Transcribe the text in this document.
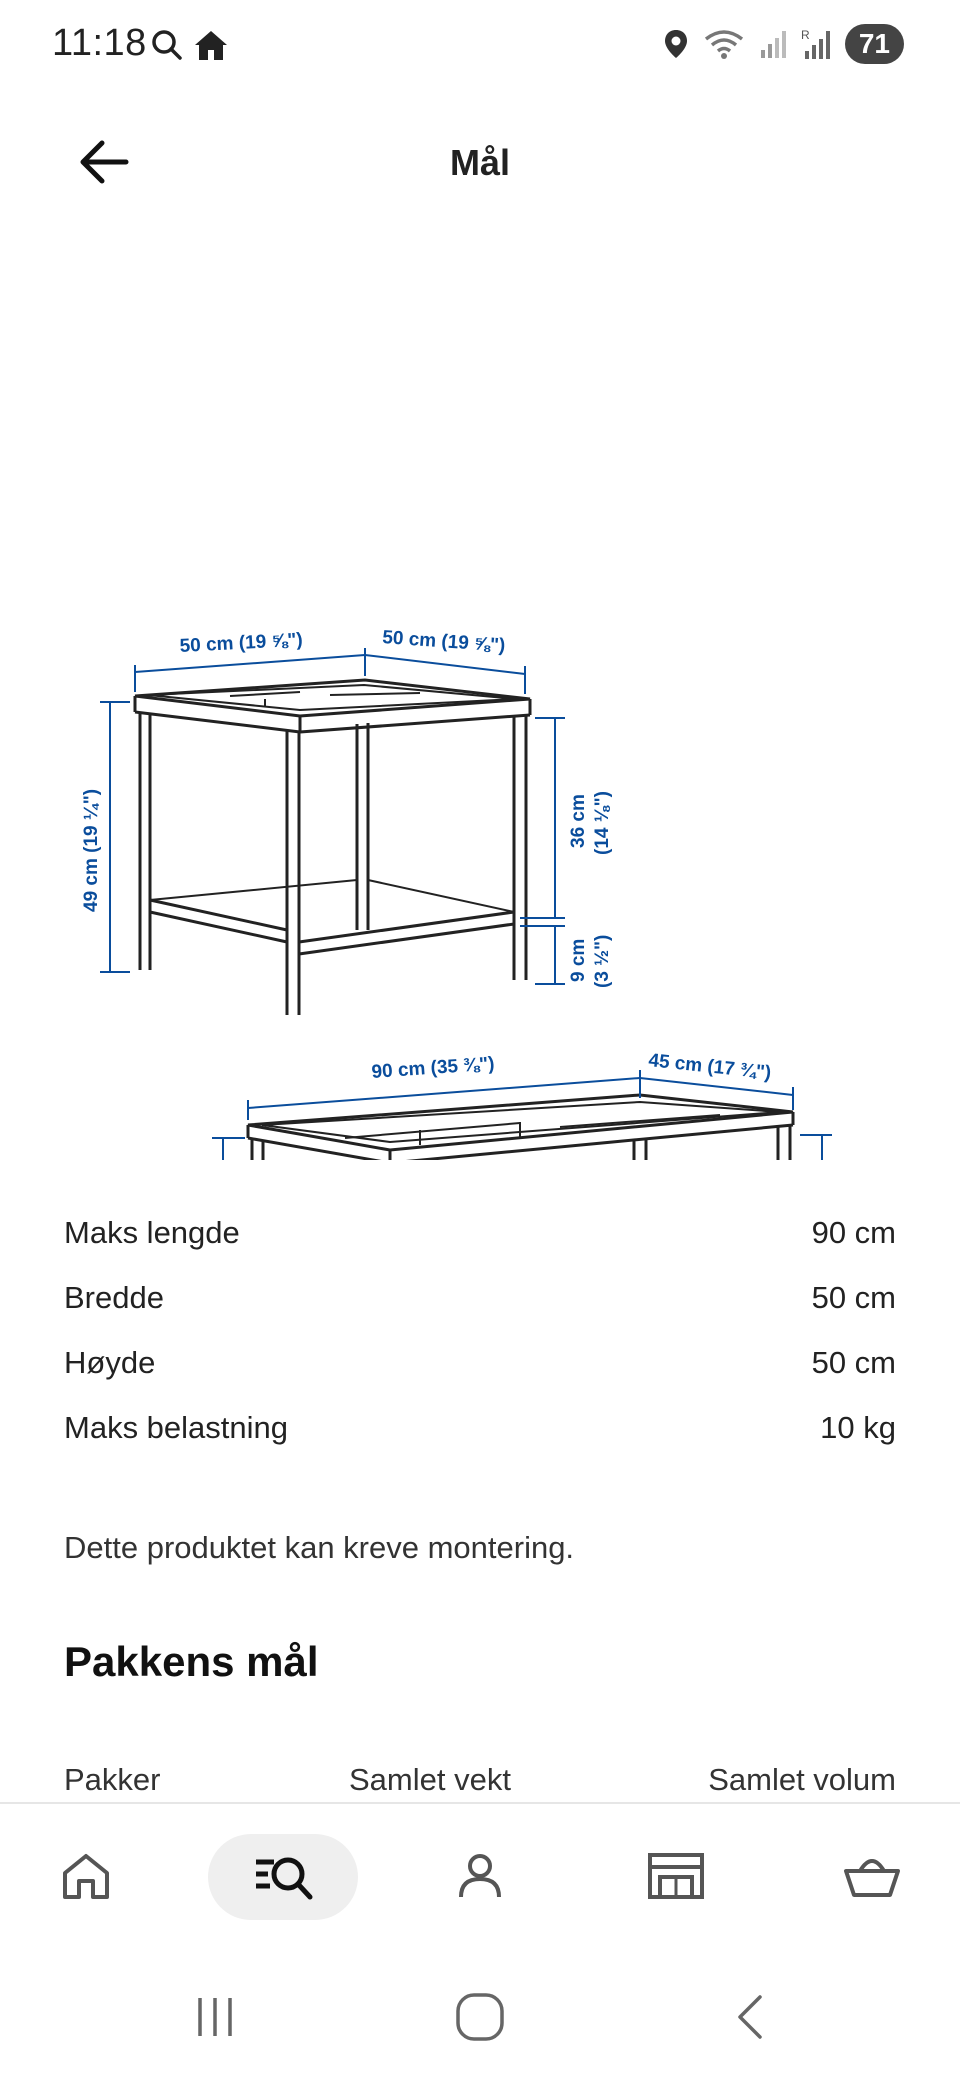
11:18	R	71
Mål
50 cm (19 ⅝")	50 cm (19 ⅝")
49 cm (19 ¼")	36 cm (14 ⅛")
9 cm (3 ½")
90 cm (35 ⅜")	45 cm (17 ¾")
Maks lengde	90 cm
Bredde	50 cm
Høyde	50 cm
Maks belastning	10 kg
Dette produktet kan kreve montering.
Pakkens mål
Pakker	Samlet vekt	Samlet volum
